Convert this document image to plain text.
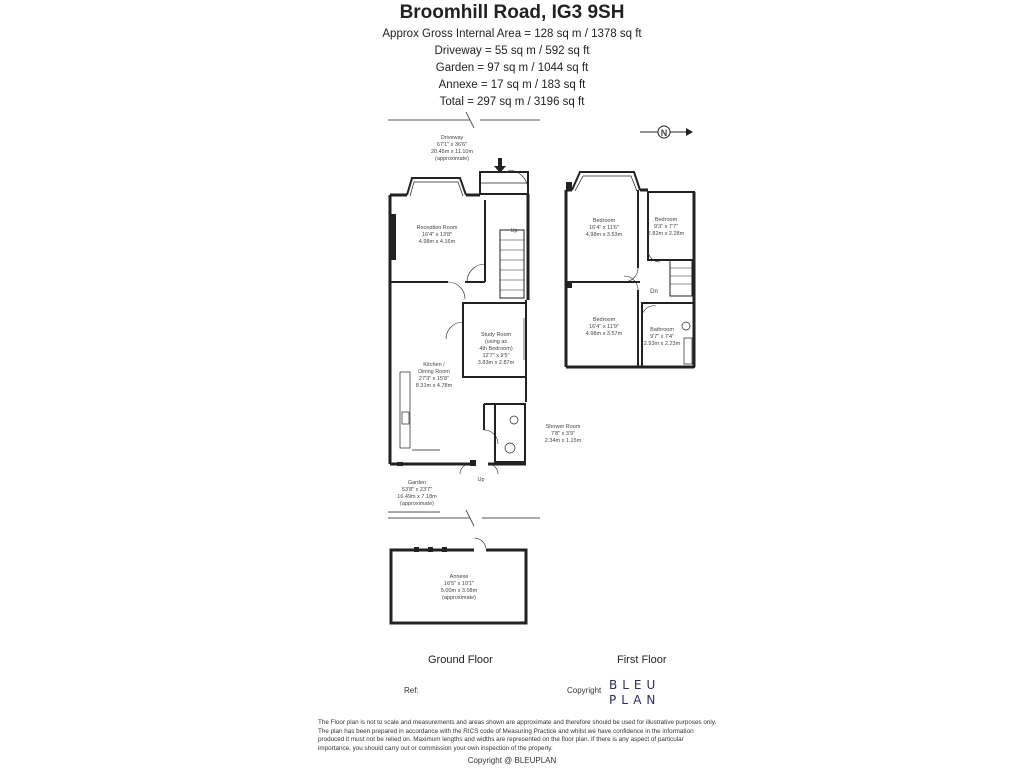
Broomhill Road, IG3 9SH
Approx Gross Internal Area = 128 sq m / 1378 sq ft
Driveway = 55 sq m / 592 sq ft
Garden = 97 sq m / 1044 sq ft
Annexe = 17 sq m / 183 sq ft
Total = 297 sq m / 3196 sq ft
N
Driveway
67'1" x 36'6"
20.45m x 11.10m
(approximate)
Reception Room
16'4" x 13'8"
4.98m x 4.16m
Up
Study Room
(using as
4th Bedroom)
12'7" x 9'5"
3.83m x 2.87m
Kitchen /
Dining Room
27'3" x 15'8"
8.31m x 4.78m
Shower Room
7'8" x 3'9"
2.34m x 1.15m
Up
Garden
53'8" x 23'7"
16.49m x 7.18m
(approximate)
Annexe
16'5" x 10'1"
5.00m x 3.08m
(approximate)
Bedroom
16'4" x 11'6"
4.98m x 3.53m
Bedroom
9'3" x 7'7"
2.82m x 2.28m
Dn
Bedroom
16'4" x 11'9"
4.98m x 3.57m
Bathroom
9'7" x 7'4"
2.93m x 2.23m
Ground Floor	First Floor
Ref:	Copyright BLEU
PLAN
The Floor plan is not to scale and measurements and areas shown are approximate and therefore should be used for illustrative purposes only. The plan has been prepared in accordance with the RICS code of Measuring Practice and whilst we have confidence in the information produced it must not be relied on. Maximum lengths and widths are represented on the floor plan. If there is any aspect of particular importance, you should carry out or commission your own inspection of the property.
Copyright @ BLEUPLAN
